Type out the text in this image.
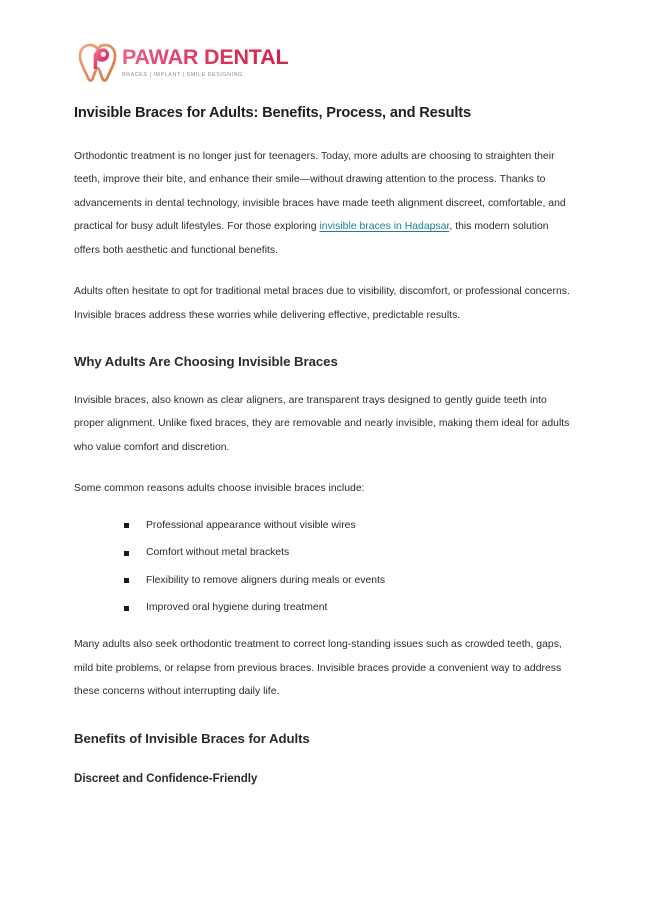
PAWAR DENTAL
BRACES | IMPLANT | SMILE DESIGNING
Invisible Braces for Adults: Benefits, Process, and Results

Orthodontic treatment is no longer just for teenagers. Today, more adults are choosing to straighten their teeth, improve their bite, and enhance their smile—without drawing attention to the process. Thanks to advancements in dental technology, invisible braces have made teeth alignment discreet, comfortable, and practical for busy adult lifestyles. For those exploring invisible braces in Hadapsar, this modern solution offers both aesthetic and functional benefits.

Adults often hesitate to opt for traditional metal braces due to visibility, discomfort, or professional concerns. Invisible braces address these worries while delivering effective, predictable results.

Why Adults Are Choosing Invisible Braces

Invisible braces, also known as clear aligners, are transparent trays designed to gently guide teeth into proper alignment. Unlike fixed braces, they are removable and nearly invisible, making them ideal for adults who value comfort and discretion.

Some common reasons adults choose invisible braces include:

Professional appearance without visible wires
Comfort without metal brackets
Flexibility to remove aligners during meals or events
Improved oral hygiene during treatment

Many adults also seek orthodontic treatment to correct long-standing issues such as crowded teeth, gaps, mild bite problems, or relapse from previous braces. Invisible braces provide a convenient way to address these concerns without interrupting daily life.

Benefits of Invisible Braces for Adults
Discreet and Confidence-Friendly
